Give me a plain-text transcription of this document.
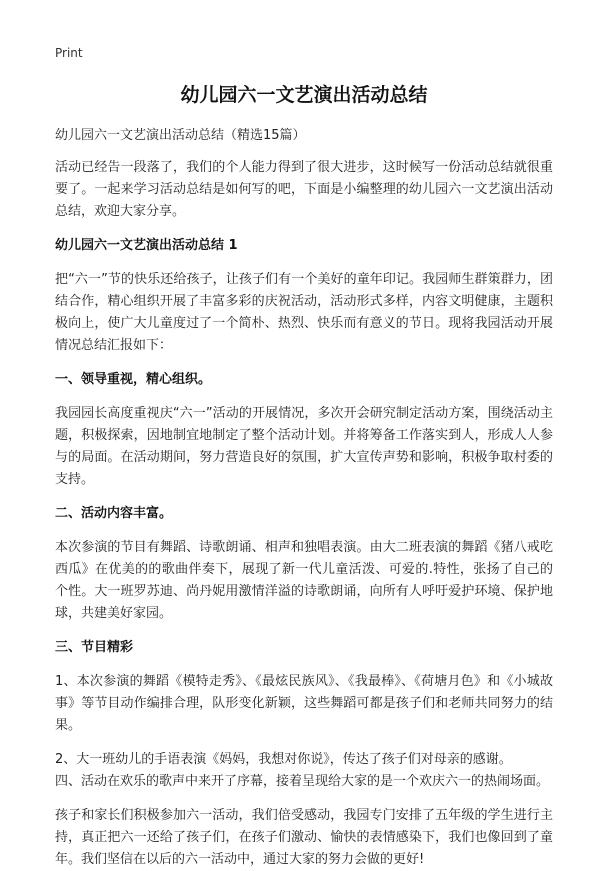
Print
幼儿园六一文艺演出活动总结
幼儿园六一文艺演出活动总结（精选15篇）

活动已经告一段落了，我们的个人能力得到了很大进步，这时候写一份活动总结就很重要了。一起来学习活动总结是如何写的吧，下面是小编整理的幼儿园六一文艺演出活动总结，欢迎大家分享。

幼儿园六一文艺演出活动总结 1

把“六一”节的快乐还给孩子，让孩子们有一个美好的童年印记。我园师生群策群力，团结合作，精心组织开展了丰富多彩的庆祝活动，活动形式多样，内容文明健康，主题积极向上，使广大儿童度过了一个简朴、热烈、快乐而有意义的节日。现将我园活动开展情况总结汇报如下：

一、领导重视，精心组织。

我园园长高度重视庆“六一”活动的开展情况，多次开会研究制定活动方案，围绕活动主题，积极探索，因地制宜地制定了整个活动计划。并将筹备工作落实到人，形成人人参与的局面。在活动期间，努力营造良好的氛围，扩大宣传声势和影响，积极争取村委的支持。

二、活动内容丰富。

本次参演的节目有舞蹈、诗歌朗诵、相声和独唱表演。由大二班表演的舞蹈《猪八戒吃西瓜》在优美的的歌曲伴奏下，展现了新一代儿童活泼、可爱的.特性，张扬了自己的个性。大一班罗苏迪、尚丹妮用激情洋溢的诗歌朗诵，向所有人呼吁爱护环境、保护地球，共建美好家园。

三、节目精彩

1、本次参演的舞蹈《模特走秀》、《最炫民族风》、《我最棒》、《荷塘月色》和《小城故事》等节目动作编排合理，队形变化新颖，这些舞蹈可都是孩子们和老师共同努力的结果。

2、大一班幼儿的手语表演《妈妈，我想对你说》，传达了孩子们对母亲的感谢。

四、活动在欢乐的歌声中来开了序幕，接着呈现给大家的是一个欢庆六一的热闹场面。

孩子和家长们积极参加六一活动，我们倍受感动，我园专门安排了五年级的学生进行主持，真正把六一还给了孩子们，在孩子们激动、愉快的表情感染下，我们也像回到了童年。我们坚信在以后的六一活动中，通过大家的努力会做的更好!
